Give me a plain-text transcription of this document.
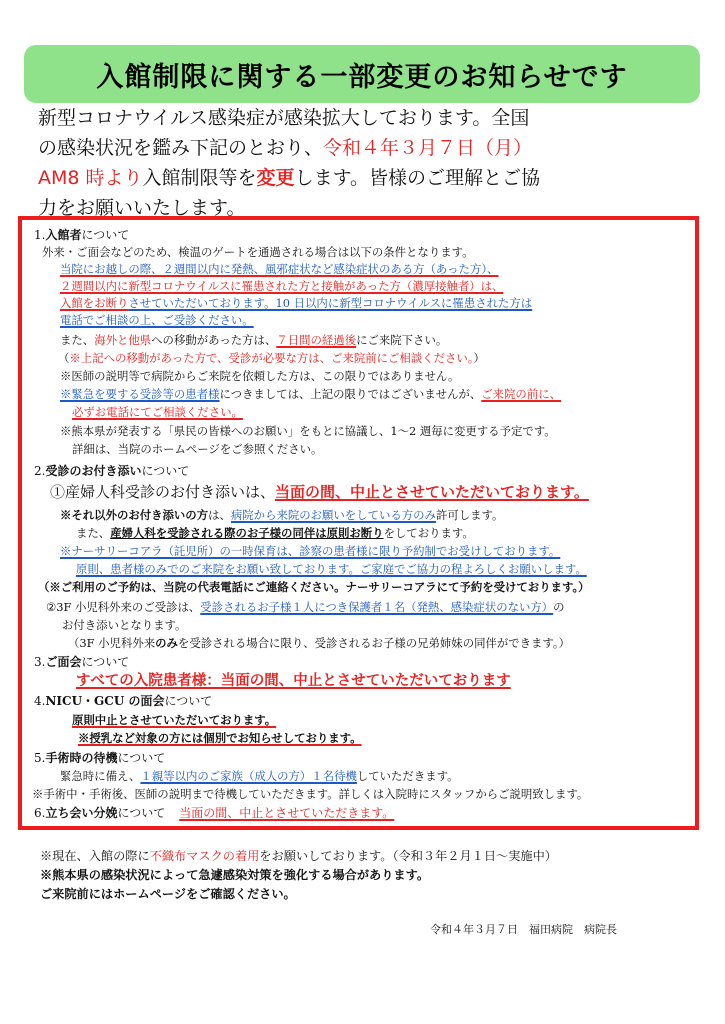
入館制限に関する一部変更のお知らせです
新型コロナウイルス感染症が感染拡大しております。全国
の感染状況を鑑み下記のとおり、令和４年３月７日（月）
AM8 時より入館制限等を変更します。皆様のご理解とご協
力をお願いいたします。
1.入館者について
外来・ご面会などのため、検温のゲートを通過される場合は以下の条件となります。
当院にお越しの際、２週間以内に発熱、風邪症状など感染症状のある方（あった方）、
２週間以内に新型コロナウイルスに罹患された方と接触があった方（濃厚接触者）は、
入館をお断りさせていただいております。10 日以内に新型コロナウイルスに罹患された方は
電話でご相談の上、ご受診ください。
また、海外と他県への移動があった方は、７日間の経過後にご来院下さい。
（※上記への移動があった方で、受診が必要な方は、ご来院前にご相談ください。）
※医師の説明等で病院からご来院を依頼した方は、この限りではありません。
※緊急を要する受診等の患者様につきましては、上記の限りではございませんが、ご来院の前に、
必ずお電話にてご相談ください。
※熊本県が発表する「県民の皆様へのお願い」をもとに協議し、1～2 週毎に変更する予定です。
詳細は、当院のホームページをご参照ください。
2.受診のお付き添いについて
①産婦人科受診のお付き添いは、当面の間、中止とさせていただいております。
※それ以外のお付き添いの方は、病院から来院のお願いをしている方のみ許可します。
また、産婦人科を受診される際のお子様の同伴は原則お断りをしております。
※ナーサリーコアラ（託児所）の一時保育は、診察の患者様に限り予約制でお受けしております。
原則、患者様のみでのご来院をお願い致しております。ご家庭でご協力の程よろしくお願いします。
（※ご利用のご予約は、当院の代表電話にご連絡ください。ナーサリーコアラにて予約を受けております。）
②3F 小児科外来のご受診は、受診されるお子様１人につき保護者１名（発熱、感染症状のない方）の
お付き添いとなります。
（3F 小児科外来のみを受診される場合に限り、受診されるお子様の兄弟姉妹の同伴ができます。）
3.ご面会について
すべての入院患者様：当面の間、中止とさせていただいております
4.NICU・GCU の面会について
原則中止とさせていただいております。
※授乳など対象の方には個別でお知らせしております。
5.手術時の待機について
緊急時に備え、１親等以内のご家族（成人の方）１名待機していただきます。
※手術中・手術後、医師の説明まで待機していただきます。詳しくは入院時にスタッフからご説明致します。
6.立ち会い分娩について 当面の間、中止とさせていただきます。
※現在、入館の際に不織布マスクの着用をお願いしております。（令和３年２月１日～実施中）
※熊本県の感染状況によって急遽感染対策を強化する場合があります。
ご来院前にはホームページをご確認ください。
令和４年３月７日　福田病院　病院長
